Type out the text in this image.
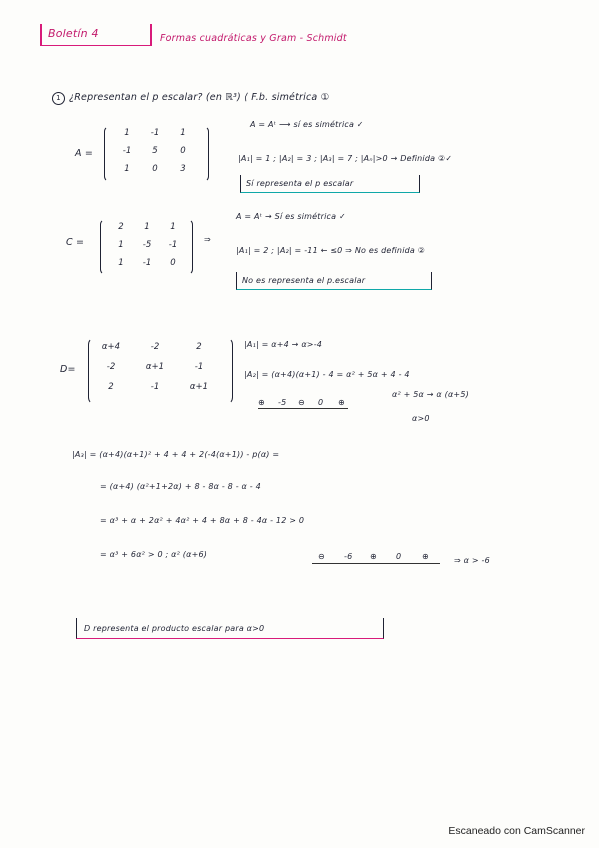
Boletín 4	Formas cuadráticas y Gram - Schmidt
1 ¿Representan el p escalar? (en ℝ³) ⟨ F.b. simétrica ①
A =
1	-1	1
-1	5	0
1	0	3
A = Aᵗ ⟶ sí es simétrica ✓
|A₁| = 1 ; |A₂| = 3 ; |A₃| = 7 ; |Aₙ|>0 → Definida ②✓
Sí representa el p escalar
C =
2	1	1
1	-5	-1
1	-1	0
⇒
A = Aᵗ → Sí es simétrica ✓
|A₁| = 2 ; |A₂| = -11 ← ≤0 ⇒ No es definida ②
No es representa el p.escalar
D=
α+4	-2	2
-2	α+1	-1
2	-1	α+1
|A₁| = α+4 → α>-4
|A₂| = (α+4)(α+1) - 4 = α² + 5α + 4 - 4
α² + 5α → α (α+5)
⊕ -5 ⊖ 0 ⊕
α>0
|A₃| = (α+4)(α+1)² + 4 + 4 + 2(-4(α+1)) - p(α) =
= (α+4) (α²+1+2α) + 8 - 8α - 8 - α - 4
= α³ + α + 2α² + 4α² + 4 + 8α + 8 - 4α - 12 > 0
= α³ + 6α² > 0 ; α² (α+6)	⊖ -6 ⊕ 0	⊕	⇒ α > -6
D representa el producto escalar para α>0
Escaneado con CamScanner
